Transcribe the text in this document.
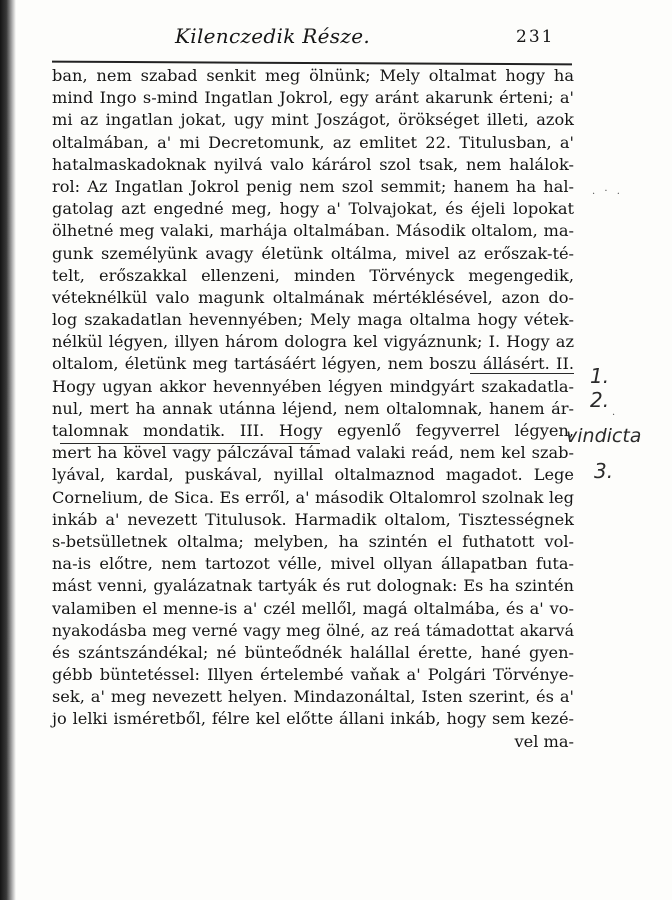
Kilenczedik Része.	231
ban, nem szabad senkit meg ölnünk; Mely oltalmat hogy ha
mind Ingo s-mind Ingatlan Jokrol, egy aránt akarunk érteni; a'
mi az ingatlan jokat, ugy mint Joszágot, örökséget illeti, azok
oltalmában, a' mi Decretomunk, az emlitet 22. Titulusban, a'
hatalmaskadoknak nyilvá valo kárárol szol tsak, nem halálok-
rol: Az Ingatlan Jokrol penig nem szol semmit; hanem ha hal-
gatolag azt engedné meg, hogy a' Tolvajokat, és éjeli lopokat
ölhetné meg valaki, marhája oltalmában. Második oltalom, ma-
gunk személyünk avagy életünk oltálma, mivel az erőszak-té-
telt, erőszakkal ellenzeni, minden Törvényck megengedik,
véteknélkül valo magunk oltalmának mértéklésével, azon do-
log szakadatlan hevennyében; Mely maga oltalma hogy vétek-
nélkül légyen, illyen három dologra kel vigyáznunk; I. Hogy az
oltalom, életünk meg tartásáért légyen, nem boszu állásért. II.
Hogy ugyan akkor hevennyében légyen mindgyárt szakadatla-
nul, mert ha annak utánna léjend, nem oltalomnak, hanem ár-
talomnak mondatik. III. Hogy egyenlő fegyverrel légyen,
mert ha kövel vagy pálczával támad valaki reád, nem kel szab-
lyával, kardal, puskával, nyillal oltalmaznod magadot. Lege
Cornelium, de Sica. Es erről, a' második Oltalomrol szolnak leg
inkáb a' nevezett Titulusok. Harmadik oltalom, Tisztességnek
s-betsülletnek oltalma; melyben, ha szintén el futhatott vol-
na-is előtre, nem tartozot vélle, mivel ollyan állapatban futa-
mást venni, gyalázatnak tartyák és rut dolognak: Es ha szintén
valamiben el menne-is a' czél mellől, magá oltalmába, és a' vo-
nyakodásba meg verné vagy meg ölné, az reá támadottat akarvá
és szántszándékal; né bünteődnék halállal érette, hané gyen-
gébb büntetéssel: Illyen értelembé vaňak a' Polgári Törvénye-
sek, a' meg nevezett helyen. Mindazonáltal, Isten szerint, és a'
jo lelki isméretből, félre kel előtte állani inkáb, hogy sem kezé-
vel ma-
1.
2.
vindicta
3.
. · .
·
